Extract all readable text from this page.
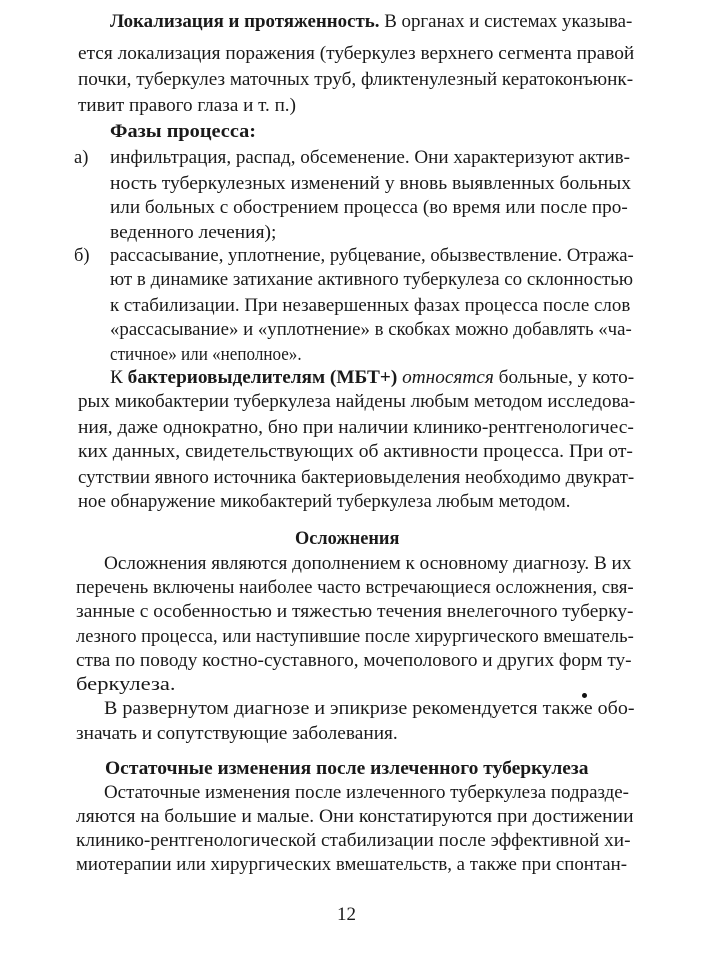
Локализация и протяженность. В органах и системах указыва-
ется локализация поражения (туберкулез верхнего сегмента правой
почки, туберкулез маточных труб, фликтенулезный кератоконъюнк-
тивит правого глаза и т. п.)
Фазы процесса:
а) инфильтрация, распад, обсеменение. Они характеризуют актив-
ность туберкулезных изменений у вновь выявленных больных
или больных с обострением процесса (во время или после про-
веденного лечения);
б) рассасывание, уплотнение, рубцевание, обызвествление. Отража-
ют в динамике затихание активного туберкулеза со склонностью
к стабилизации. При незавершенных фазах процесса после слов
«рассасывание» и «уплотнение» в скобках можно добавлять «ча-
стичное» или «неполное».
К бактериовыделителям (МБТ+) относятся больные, у кото-
рых микобактерии туберкулеза найдены любым методом исследова-
ния, даже однократно, бно при наличии клинико-рентгенологичес-
ких данных, свидетельствующих об активности процесса. При от-
сутствии явного источника бактериовыделения необходимо двукрат-
ное обнаружение микобактерий туберкулеза любым методом.
Осложнения
Осложнения являются дополнением к основному диагнозу. В их
перечень включены наиболее часто встречающиеся осложнения, свя-
занные с особенностью и тяжестью течения внелегочного туберку-
лезного процесса, или наступившие после хирургического вмешатель-
ства по поводу костно-суставного, мочеполового и других форм ту-
беркулеза.
В развернутом диагнозе и эпикризе рекомендуется также обо-
значать и сопутствующие заболевания.
Остаточные изменения после излеченного туберкулеза
Остаточные изменения после излеченного туберкулеза подразде-
ляются на большие и малые. Они констатируются при достижении
клинико-рентгенологической стабилизации после эффективной хи-
миотерапии или хирургических вмешательств, а также при спонтан-
12
